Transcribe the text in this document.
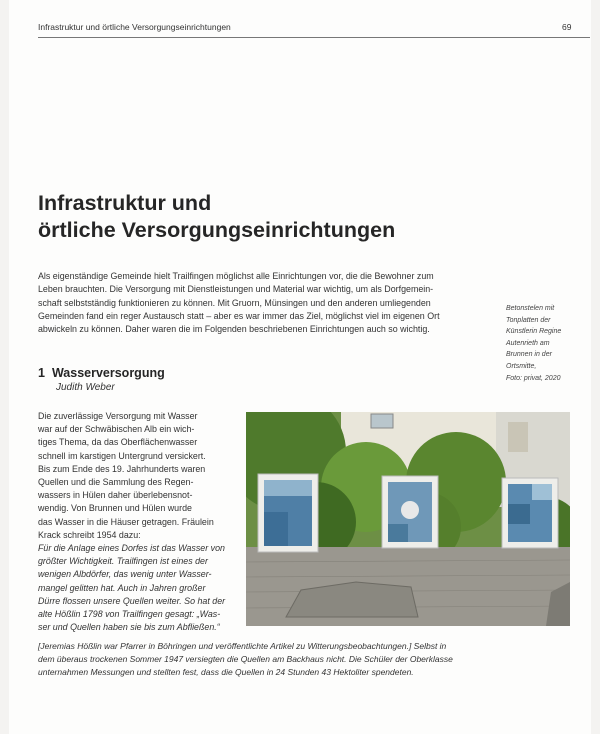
Infrastruktur und örtliche Versorgungseinrichtungen	69
Infrastruktur und
örtliche Versorgungseinrichtungen

Als eigenständige Gemeinde hielt Trailfingen möglichst alle Einrichtungen vor, die die Bewohner zum
Leben brauchten. Die Versorgung mit Dienstleistungen und Material war wichtig, um als Dorfgemein-
schaft selbstständig funktionieren zu können. Mit Gruorn, Münsingen und den anderen umliegenden
Gemeinden fand ein reger Austausch statt – aber es war immer das Ziel, möglichst viel im eigenen Ort
abwickeln zu können. Daher waren die im Folgenden beschriebenen Einrichtungen auch so wichtig.

Betonstelen mit
Tonplatten der
Künstlerin Regine
Autenrieth am
Brunnen in der
Ortsmitte,
Foto: privat, 2020
1 Wasserversorgung
Judith Weber
Die zuverlässige Versorgung mit Wasser
war auf der Schwäbischen Alb ein wich-
tiges Thema, da das Oberflächenwasser
schnell im karstigen Untergrund versickert.
Bis zum Ende des 19. Jahrhunderts waren
Quellen und die Sammlung des Regen-
wassers in Hülen daher überlebensnot-
wendig. Von Brunnen und Hülen wurde
das Wasser in die Häuser getragen. Fräulein
Krack schreibt 1954 dazu:
Für die Anlage eines Dorfes ist das Wasser von
größter Wichtigkeit. Trailfingen ist eines der
wenigen Albdörfer, das wenig unter Wasser-
mangel gelitten hat. Auch in Jahren großer
Dürre flossen unsere Quellen weiter. So hat der
alte Hößlin 1798 von Trailfingen gesagt: „Was-
ser und Quellen haben sie bis zum Abfließen.“
[Jeremias Hößlin war Pfarrer in Böhringen und veröffentlichte Artikel zu Witterungsbeobachtungen.] Selbst in
dem überaus trockenen Sommer 1947 versiegten die Quellen am Backhaus nicht. Die Schüler der Oberklasse
unternahmen Messungen und stellten fest, dass die Quellen in 24 Stunden 43 Hektoliter spendeten.
